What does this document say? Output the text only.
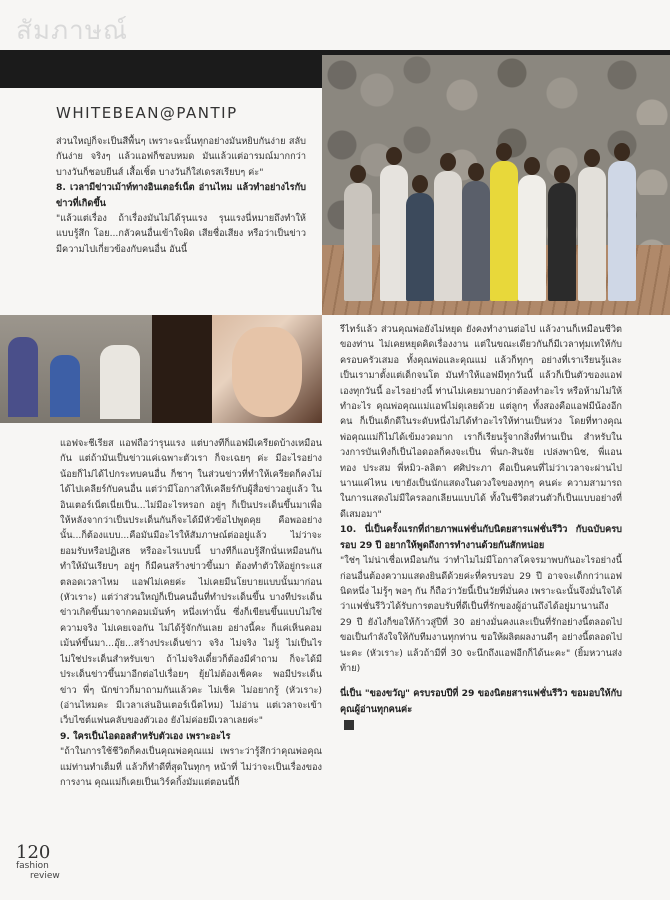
สัมภาษณ์
WHITEBEAN@PANTIP

ส่วนใหญ่ก็จะเป็นสีพื้นๆ เพราะฉะนั้นทุกอย่างมันหยิบกันง่าย สลับกันง่าย จริงๆ แล้วแอฟก็ชอบหมด มันแล้วแต่อารมณ์มากกว่า บางวันก็ชอบยีนส์ เสื้อเชิ้ต บางวันก็ใส่เดรสเรียบๆ ค่ะ"

8. เวลามีข่าวเม้าท์ทางอินเตอร์เน็ต อ่านไหม แล้วทำอย่างไรกับข่าวที่เกิดขึ้น

"แล้วแต่เรื่อง ถ้าเรื่องมันไม่ได้รุนแรง รุนแรงนี่หมายถึงทำให้แบบรู้สึก โอย...กลัวคนอื่นเข้าใจผิด เสียชื่อเสียง หรือว่าเป็นข่าว มีความไปเกี่ยวข้องกับคนอื่น อันนี้

แอฟจะชีเรียส แอฟถือว่ารุนแรง แต่บางทีก็แอฟมีเครียดบ้างเหมือนกัน แต่ถ้ามันเป็นข่าวแค่เฉพาะตัวเรา ก็จะเฉยๆ ค่ะ มีอะไรอย่างน้อยก็ไม่ได้ไปกระทบคนอื่น ก็ชาๆ ในส่วนข่าวที่ทำให้เครียดก็คงไม่ได้ไปเคลียร์กับคนอื่น แต่ว่ามีโอกาสให้เคลียร์กับผู้สื่อข่าวอยู่แล้ว ในอินเตอร์เน็ตเนี่ยเป็น...ไม่มีอะไรหรอก อยู่ๆ ก็เป็นประเด็นขึ้นมาเพื่อให้หลังจากว่าเป็นประเด็นกันก็จะได้มีหัวข้อไปพูดคุย คือพออย่างนั้น...ก็ต้องแบบ...คือมันมีอะไรให้สัมภาษณ์ต่ออยู่แล้ว ไม่ว่าจะยอมรับหรือปฏิเสธ หรืออะไรแบบนี้ บางทีก็แอบรู้สึกนั่นเหมือนกันทำให้มันเรียบๆ อยู่ๆ ก็มีคนสร้างข่าวขึ้นมา ต้องทำตัวให้อยู่กระแสตลอดเวลาไหม แอฟไม่เคยค่ะ ไม่เคยมีนโยบายแบบนั้นมาก่อน (หัวเราะ) แต่ว่าส่วนใหญ่ก็เป็นคนอื่นที่ทำประเด็นขึ้น บางทีประเด็นข่าวเกิดขึ้นมาจากคอมเม้นท์ๆ หนึ่งเท่านั้น ซึ่งก็เขียนขึ้นแบบไม่ใช่ความจริง ไม่เคยเจอกัน ไม่ได้รู้จักกันเลย อย่างนี้คะ ก็แค่เห็นคอมเม้นท์ขึ้นมา...อุ๊ย...สร้างประเด็นข่าว จริง ไม่จริง ไม่รู้ ไม่เป็นไร ไม่ใช่ประเด็นสำหรับเขา ถ้าไม่จริงเดี๋ยวก็ต้องมีคำถาม ก็จะได้มีประเด็นข่าวขึ้นมาอีกต่อไปเรื่อยๆ ยุ้ยไม่ต้องเช็คคะ พอมีประเด็นข่าว พี่ๆ นักข่าวก็มาถามกันแล้วคะ ไม่เช็ค ไม่อยากรู้ (หัวเราะ) (อ่านไหมคะ มีเวลาเล่นอินเตอร์เน็ตไหม) ไม่อ่าน แต่เวลาจะเข้าเว็บไซต์แฟนคลับของตัวเอง ยังไม่ค่อยมีเวลาเลยค่ะ"

9. ใครเป็นไอดอลสำหรับตัวเอง เพราะอะไร

"ถ้าในการใช้ชีวิตก็คงเป็นคุณพ่อคุณแม่ เพราะว่ารู้สึกว่าคุณพ่อคุณแม่ท่านทำเต็มที่ แล้วก็ทำดีที่สุดในทุกๆ หน้าที่ ไม่ว่าจะเป็นเรื่องของการงาน คุณแม่ก็เคยเป็นเวิร์คกิ้งมัมแต่ตอนนี้ก็

รีไทร์แล้ว ส่วนคุณพ่อยังไม่หยุด ยังคงทำงานต่อไป แล้วงานก็เหมือนชีวิตของท่าน ไม่เคยหยุดคิดเรื่องงาน แต่ในขณะเดียวกันก็มีเวลาทุ่มเทให้กับครอบครัวเสมอ ทั้งคุณพ่อและคุณแม่ แล้วก็ทุกๆ อย่างที่เราเรียนรู้และเป็นเรามาตั้งแต่เด็กจนโต มันทำให้แอฟมีทุกวันนี้ แล้วก็เป็นตัวของแอฟเองทุกวันนี้ อะไรอย่างนี้ ท่านไม่เคยมาบอกว่าต้องทำอะไร หรือห้ามไม่ให้ทำอะไร คุณพ่อคุณแม่แอฟไม่ดุเลยด้วย แต่ลูกๆ ทั้งสองคือแอฟมีน้องอีกคน ก็เป็นเด็กดีในระดับหนึ่งไม่ได้ทำอะไรให้ท่านเป็นห่วง โดยที่ทางคุณพ่อคุณแม่ก็ไม่ได้เข้มงวดมาก เราก็เรียนรู้จากสิ่งที่ท่านเป็น สำหรับในวงการบันเทิงก็เป็นไอดอลก็คงจะเป็น พี่นก-สินจัย เปล่งพานิช, พี่แอน ทอง ประสม พี่หมิว-ลลิตา ศศิประภา คือเป็นคนที่ไม่ว่าเวลาจะผ่านไปนานแค่ไหน เขายังเป็นนักแสดงในดวงใจของทุกๆ คนค่ะ ความสามารถในการแสดงไม่มีใครลอกเลียนแบบได้ ทั้งในชีวิตส่วนตัวก็เป็นแบบอย่างที่ดีเสมอมา"

10. นี่เป็นครั้งแรกที่ถ่ายภาพแฟชั่นกับนิตยสารแฟชั่นรีวิว กับฉบับครบรอบ 29 ปี อยากให้พูดถึงการทำงานด้วยกันสักหน่อย

"ใช่ๆ ไม่น่าเชื่อเหมือนกัน ว่าทำไมไม่มีโอกาสโคจรมาพบกันอะไรอย่างนี้ ก่อนอื่นต้องความแสดงยินดีด้วยค่ะที่ครบรอบ 29 ปี อาจจะเด็กกว่าแอฟนิดหนึ่ง ไม่รู้ๆ พอๆ กัน ก็ถือว่าวัยนี้เป็นวัยที่มั่นคง เพราะฉะนั้นจึงมั่นใจได้ว่าแฟชั่นรีวิวได้รับการตอบรับที่ดีเป็นที่รักของผู้อ่านถึงได้อยู่มานานถึง 29 ปี ยังไงก็ขอให้ก้าวสู่ปีที่ 30 อย่างมั่นคงและเป็นที่รักอย่างนี้ตลอดไป ขอเป็นกำลังใจให้กับทีมงานทุกท่าน ขอให้ผลิตผลงานดีๆ อย่างนี้ตลอดไปนะคะ (หัวเราะ) แล้วถ้ามีที่ 30 จะนึกถึงแอฟอีกก็ได้นะคะ" (ยิ้มหวานส่งท้าย)

นี่เป็น "ของขวัญ" ครบรอบปีที่ 29 ของนิตยสารแฟชั่นรีวิว ขอมอบให้กับคุณผู้อ่านทุกคนค่ะ

120
fashion
review
